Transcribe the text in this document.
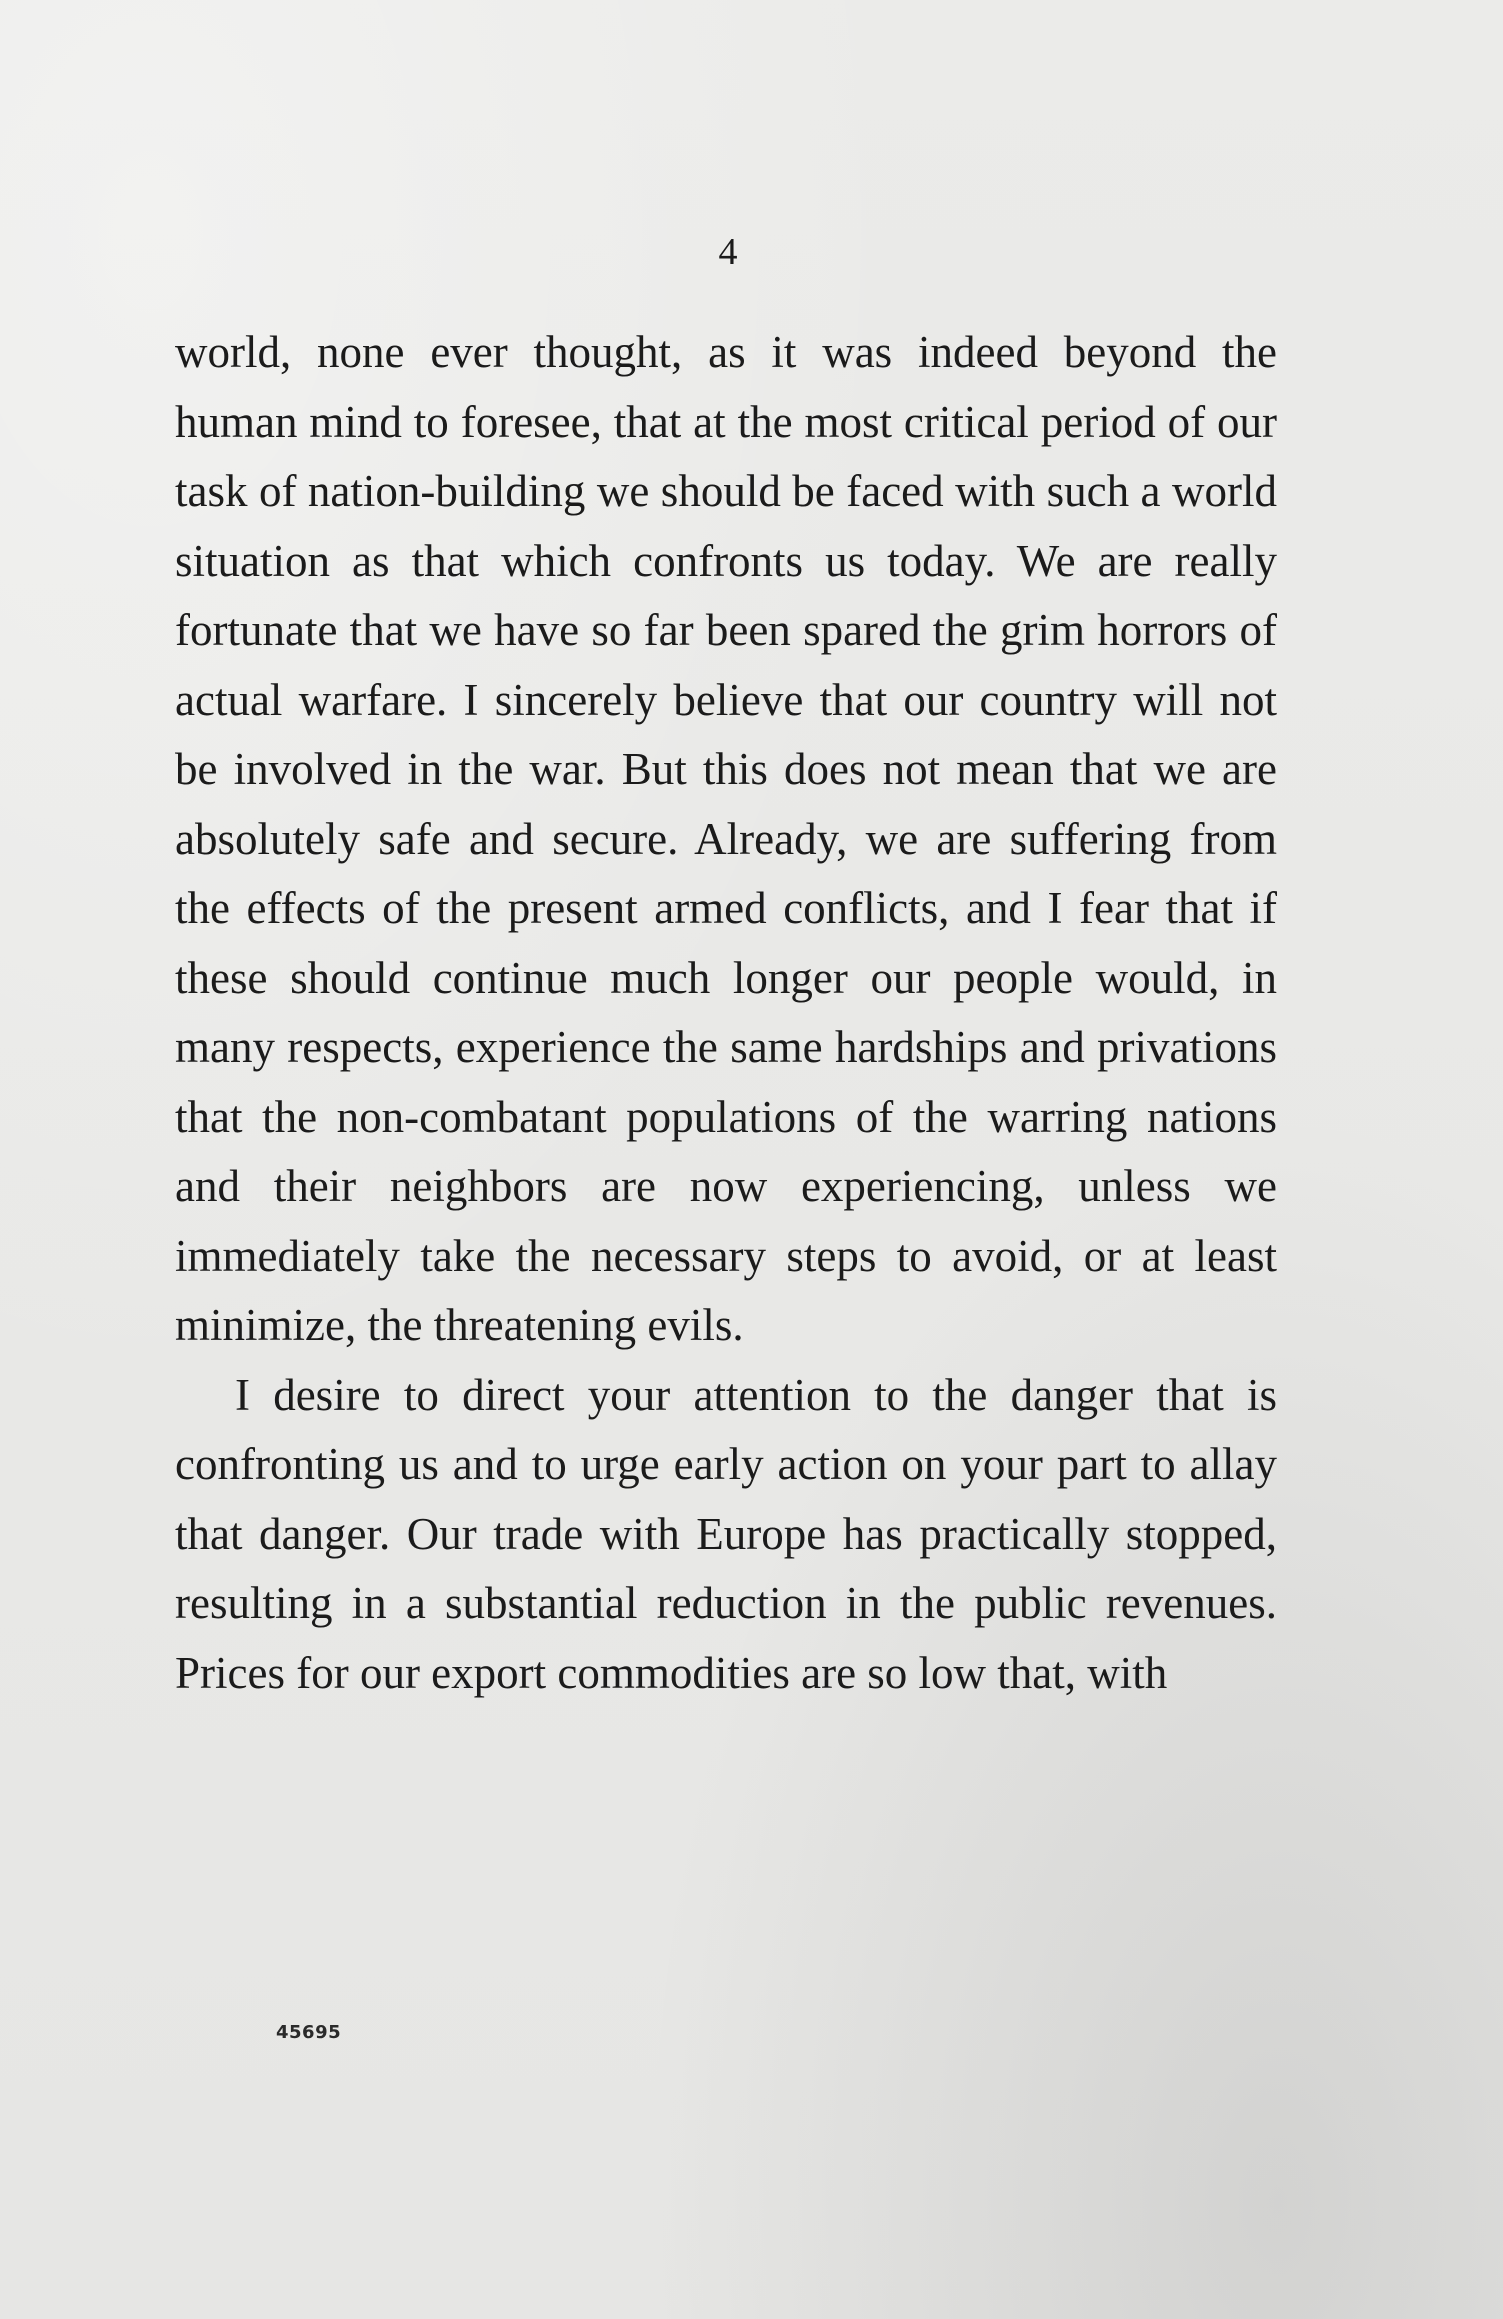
4

world, none ever thought, as it was indeed beyond the human mind to foresee, that at the most critical period of our task of nation-building we should be faced with such a world situation as that which confronts us today. We are really fortunate that we have so far been spared the grim horrors of actual warfare. I sincerely believe that our country will not be involved in the war. But this does not mean that we are absolutely safe and secure. Already, we are suffering from the effects of the present armed conflicts, and I fear that if these should continue much longer our people would, in many respects, experience the same hardships and privations that the non-combatant populations of the warring nations and their neighbors are now experiencing, unless we immediately take the necessary steps to avoid, or at least minimize, the threatening evils.

I desire to direct your attention to the danger that is confronting us and to urge early action on your part to allay that danger. Our trade with Europe has practically stopped, resulting in a substantial reduction in the public revenues. Prices for our export commodities are so low that, with

45695
